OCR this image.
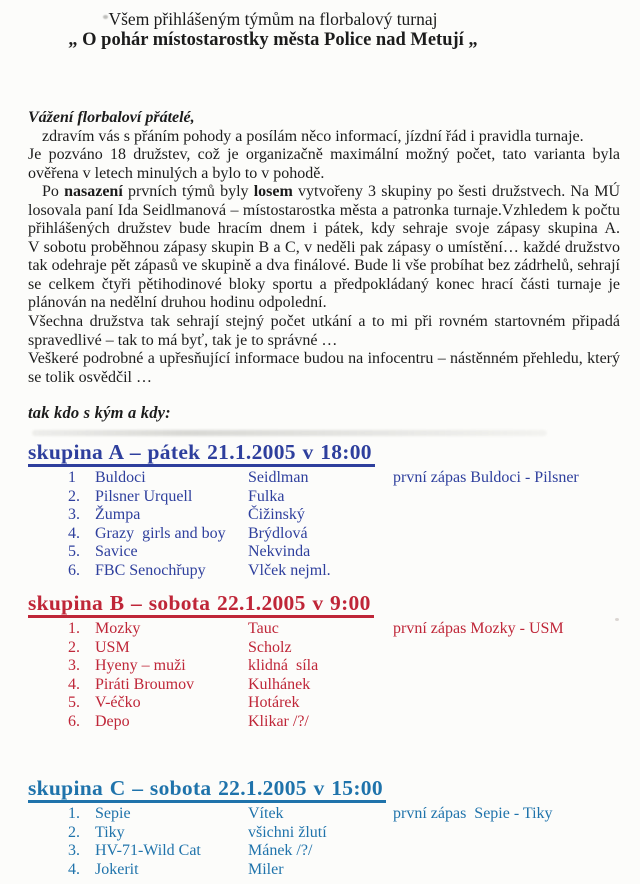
Všem přihlášeným týmům na florbalový turnaj
„ O pohár místostarostky města Police nad Metují „
Vážení florbaloví přátelé,
zdravím vás s přáním pohody a posílám něco informací, jízdní řád i pravidla turnaje.
Je pozváno 18 družstev, což je organizačně maximální možný počet, tato varianta byla
ověřena v letech minulých a bylo to v pohodě.
Po nasazení prvních týmů byly losem vytvořeny 3 skupiny po šesti družstvech. Na MÚ
losovala paní Ida Seidlmanová – místostarostka města a patronka turnaje.Vzhledem k počtu
přihlášených družstev bude hracím dnem i pátek, kdy sehraje svoje zápasy skupina A.
V sobotu proběhnou zápasy skupin B a C, v neděli pak zápasy o umístění… každé družstvo
tak odehraje pět zápasů ve skupině a dva finálové. Bude li vše probíhat bez zádrhelů, sehrají
se celkem čtyři pětihodinové bloky sportu a předpokládaný konec hrací části turnaje je
plánován na nedělní druhou hodinu odpolední.
Všechna družstva tak sehrají stejný počet utkání a to mi při rovném startovném připadá
spravedlivé – tak to má byť, tak je to správné …
Veškeré podrobné a upřesňující informace budou na infocentru – nástěnném přehledu, který
se tolik osvědčil …
tak kdo s kým a kdy:
skupina A – pátek 21.1.2005 v 18:00
1	Buldoci	Seidlman	první zápas Buldoci - Pilsner
2. Pilsner Urquell	Fulka
3. Žumpa	Čižinský
4. Grazy  girls and boy	Brýdlová
5. Savice	Nekvinda
6. FBC Senochřupy	Vlček nejml.
skupina B – sobota 22.1.2005 v 9:00
1. Mozky	Tauc	první zápas Mozky - USM
2. USM	Scholz
3. Hyeny – muži	klidná  síla
4. Piráti Broumov	Kulhánek
5. V-éčko	Hotárek
6. Depo	Klikar /?/
skupina C – sobota 22.1.2005 v 15:00
1. Sepie	Vítek	první zápas  Sepie - Tiky
2. Tiky	všichni žlutí
3. HV-71-Wild Cat	Mánek /?/
4. Jokerit	Miler
